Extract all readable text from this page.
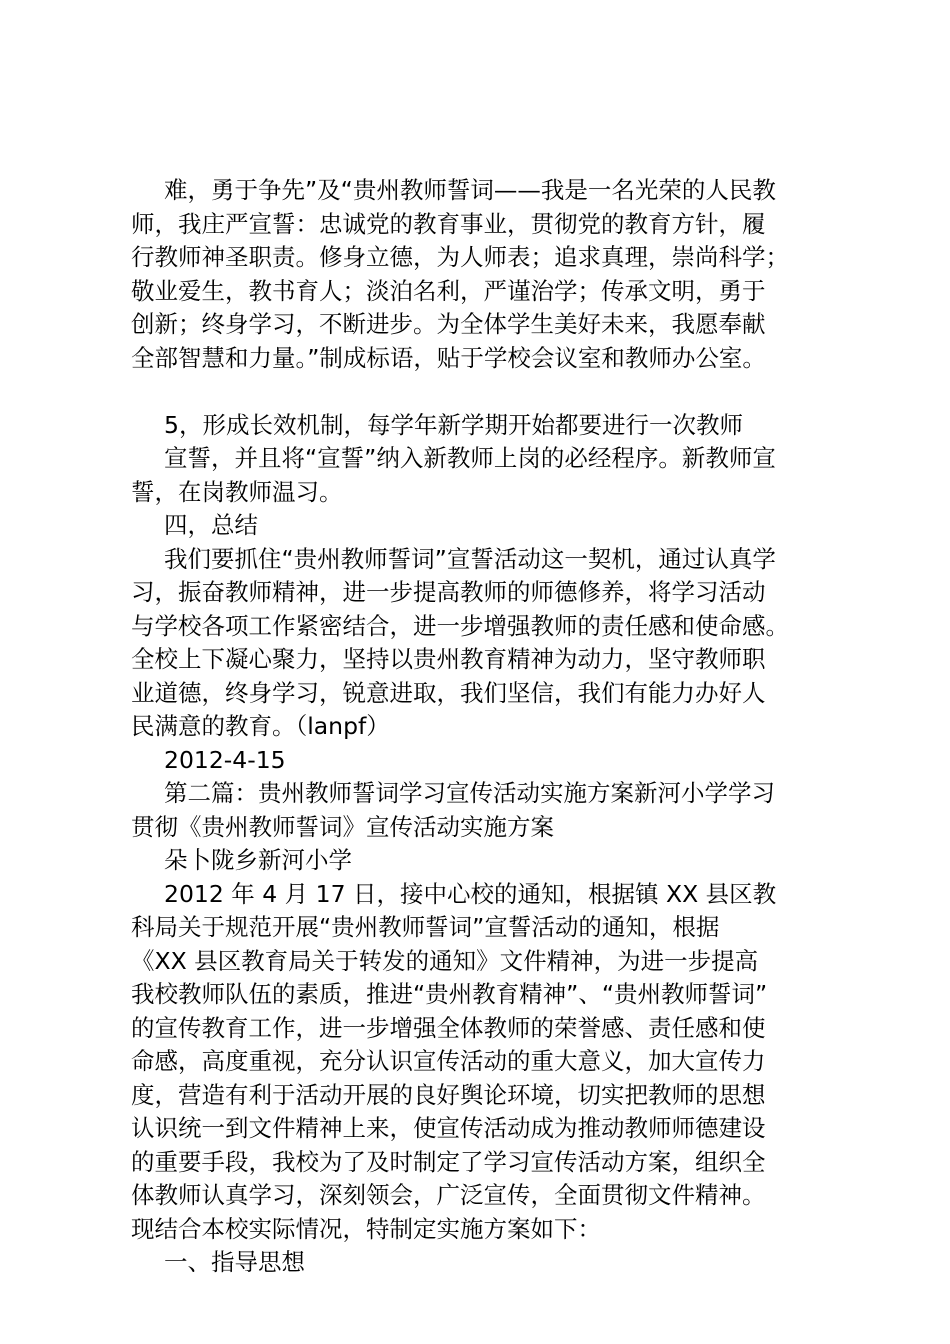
难，勇于争先”及“贵州教师誓词——我是一名光荣的人民教
师，我庄严宣誓：忠诚党的教育事业，贯彻党的教育方针，履
行教师神圣职责。修身立德，为人师表；追求真理，崇尚科学；
敬业爱生，教书育人；淡泊名利，严谨治学；传承文明，勇于
创新；终身学习，不断进步。为全体学生美好未来，我愿奉献
全部智慧和力量。”制成标语，贴于学校会议室和教师办公室。
5，形成长效机制，每学年新学期开始都要进行一次教师
宣誓，并且将“宣誓”纳入新教师上岗的必经程序。新教师宣
誓，在岗教师温习。
四，总结
我们要抓住“贵州教师誓词”宣誓活动这一契机，通过认真学
习，振奋教师精神，进一步提高教师的师德修养，将学习活动
与学校各项工作紧密结合，进一步增强教师的责任感和使命感。
全校上下凝心聚力，坚持以贵州教育精神为动力，坚守教师职
业道德，终身学习，锐意进取，我们坚信，我们有能力办好人
民满意的教育。（lanpf）
2012-4-15
第二篇：贵州教师誓词学习宣传活动实施方案新河小学学习
贯彻《贵州教师誓词》宣传活动实施方案
朵卜陇乡新河小学
2012 年 4 月 17 日，接中心校的通知，根据镇 XX 县区教
科局关于规范开展“贵州教师誓词”宣誓活动的通知，根据
《XX 县区教育局关于转发的通知》文件精神，为进一步提高
我校教师队伍的素质，推进“贵州教育精神”、“贵州教师誓词”
的宣传教育工作，进一步增强全体教师的荣誉感、责任感和使
命感，高度重视，充分认识宣传活动的重大意义，加大宣传力
度，营造有利于活动开展的良好舆论环境，切实把教师的思想
认识统一到文件精神上来，使宣传活动成为推动教师师德建设
的重要手段，我校为了及时制定了学习宣传活动方案，组织全
体教师认真学习，深刻领会，广泛宣传，全面贯彻文件精神。
现结合本校实际情况，特制定实施方案如下：
一、指导思想
